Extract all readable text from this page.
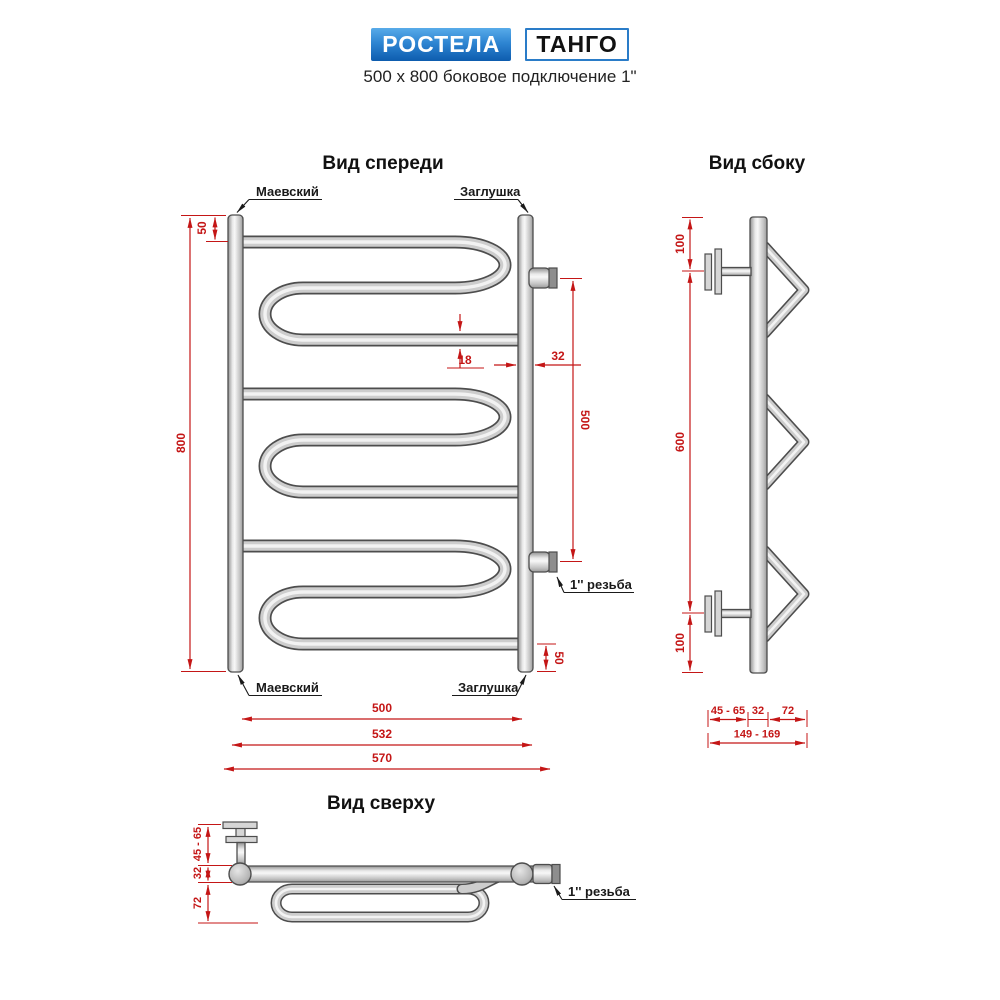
РОСТЕЛА	ТАНГО
500 х 800 боковое подключение 1"
Вид спереди
800
50
18	32
500
50
500
532
570
Маевский	Заглушка
Маевский	Заглушка
1'' резьба
Вид сбоку
100
600
100
45 - 65 32 72
149 - 169
Вид сверху
45 - 65
32
72
1'' резьба
